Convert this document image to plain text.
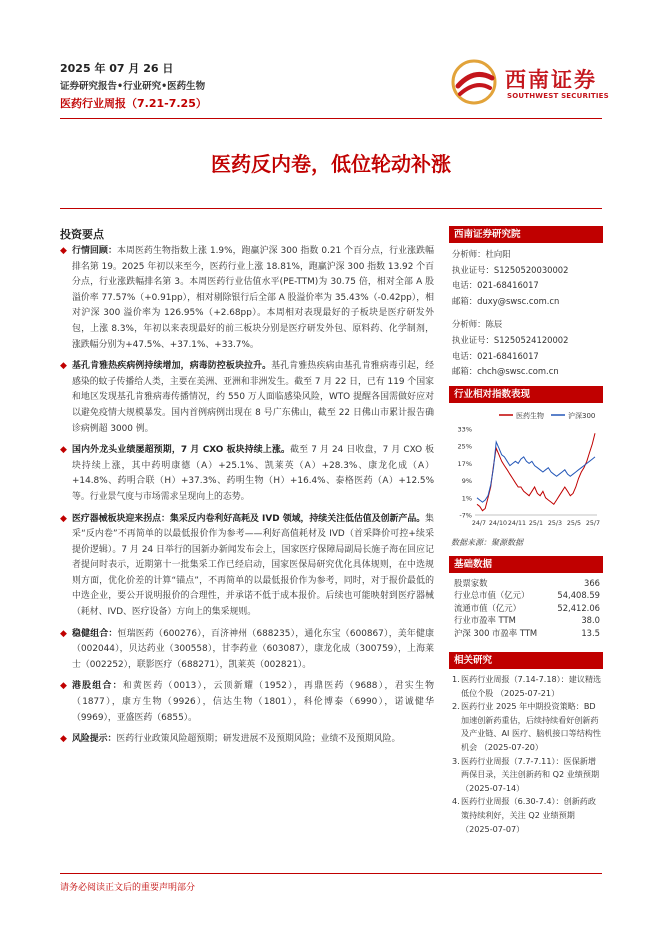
2025 年 07 月 26 日
证券研究报告•行业研究•医药生物
医药行业周报（7.21-7.25）
西南证券
SOUTHWEST SECURITIES
医药反内卷，低位轮动补涨
投资要点
◆ 行情回顾：本周医药生物指数上涨 1.9%，跑赢沪深 300 指数 0.21 个百分点，行业涨跌幅排名第 19。2025 年初以来至今，医药行业上涨 18.81%，跑赢沪深 300 指数 13.92 个百分点，行业涨跌幅排名第 3。本周医药行业估值水平(PE-TTM)为 30.75 倍，相对全部 A 股溢价率 77.57%（+0.91pp），相对剔除银行后全部 A 股溢价率为 35.43%（-0.42pp），相对沪深 300 溢价率为 126.95%（+2.68pp）。本周相对表现最好的子板块是医疗研发外包，上涨 8.3%，年初以来表现最好的前三板块分别是医疗研发外包、原料药、化学制剂，涨跌幅分别为+47.5%、+37.1%、+33.7%。
◆ 基孔肯雅热疾病例持续增加，病毒防控板块拉升。基孔肯雅热疾病由基孔肯雅病毒引起，经感染的蚊子传播给人类，主要在美洲、亚洲和非洲发生。截至 7 月 22 日，已有 119 个国家和地区发现基孔肯雅病毒传播情况，约 550 万人面临感染风险，WTO 提醒各国需做好应对以避免疫情大规模暴发。国内首例病例出现在 8 号广东佛山，截至 22 日佛山市累计报告确诊病例超 3000 例。
◆ 国内外龙头业绩屡超预期，7 月 CXO 板块持续上涨。截至 7 月 24 日收盘，7 月 CXO 板块持续上涨，其中药明康德（A）+25.1%、凯莱英（A）+28.3%、康龙化成（A）+14.8%、药明合联（H）+37.3%、药明生物（H）+16.4%、泰格医药（A）+12.5%等。行业景气度与市场需求呈现向上的态势。
◆ 医疗器械板块迎来拐点：集采反内卷利好高耗及 IVD 领域，持续关注低估值及创新产品。集采“反内卷”不再简单的以最低报价作为参考——利好高值耗材及 IVD（首采降价可控+续采提价逻辑）。7 月 24 日举行的国新办新闻发布会上，国家医疗保障局副局长施子海在回应记者提问时表示，近期第十一批集采工作已经启动，国家医保局研究优化具体规则，在中选规则方面，优化价差的计算“锚点”，不再简单的以最低报价作为参考，同时，对于报价最低的中选企业，要公开说明报价的合理性，并承诺不低于成本报价。后续也可能映射到医疗器械（耗材、IVD、医疗设备）方向上的集采规则。
◆ 稳健组合：恒瑞医药（600276），百济神州（688235），通化东宝（600867），美年健康（002044），贝达药业（300558），甘李药业（603087），康龙化成（300759），上海莱士（002252），联影医疗（688271），凯莱英（002821）。
◆ 港股组合：和黄医药（0013），云顶新耀（1952），再鼎医药（9688），君实生物（1877），康方生物（9926），信达生物（1801），科伦博泰（6990），诺诚健华（9969），亚盛医药（6855）。
◆ 风险提示：医药行业政策风险超预期；研发进展不及预期风险；业绩不及预期风险。
西南证券研究院
分析师：杜向阳
执业证号：S1250520030002
电话：021-68416017
邮箱：duxy@swsc.com.cn
分析师：陈辰
执业证号：S1250524120002
电话：021-68416017
邮箱：chch@swsc.com.cn
行业相对指数表现
医药生物	沪深300
33%
25%
17%
9%
1%
-7%
24/7 24/10 24/11 25/1 25/3 25/5 25/7
数据来源：聚源数据
基础数据
股票家数	366
行业总市值（亿元）	54,408.59
流通市值（亿元）	52,412.06
行业市盈率 TTM	38.0
沪深 300 市盈率 TTM	13.5
相关研究
1. 医药行业周报（7.14-7.18）：建议精选低位个股 （2025-07-21）
2. 医药行业 2025 年中期投资策略：BD 加速创新药重估，后续持续看好创新药及产业链、AI 医疗、脑机接口等结构性机会 （2025-07-20）
3. 医药行业周报（7.7-7.11）：医保新增两保目录，关注创新药和 Q2 业绩预期 （2025-07-14）
4. 医药行业周报（6.30-7.4）：创新药政策持续利好，关注 Q2 业绩预期 （2025-07-07）
请务必阅读正文后的重要声明部分
